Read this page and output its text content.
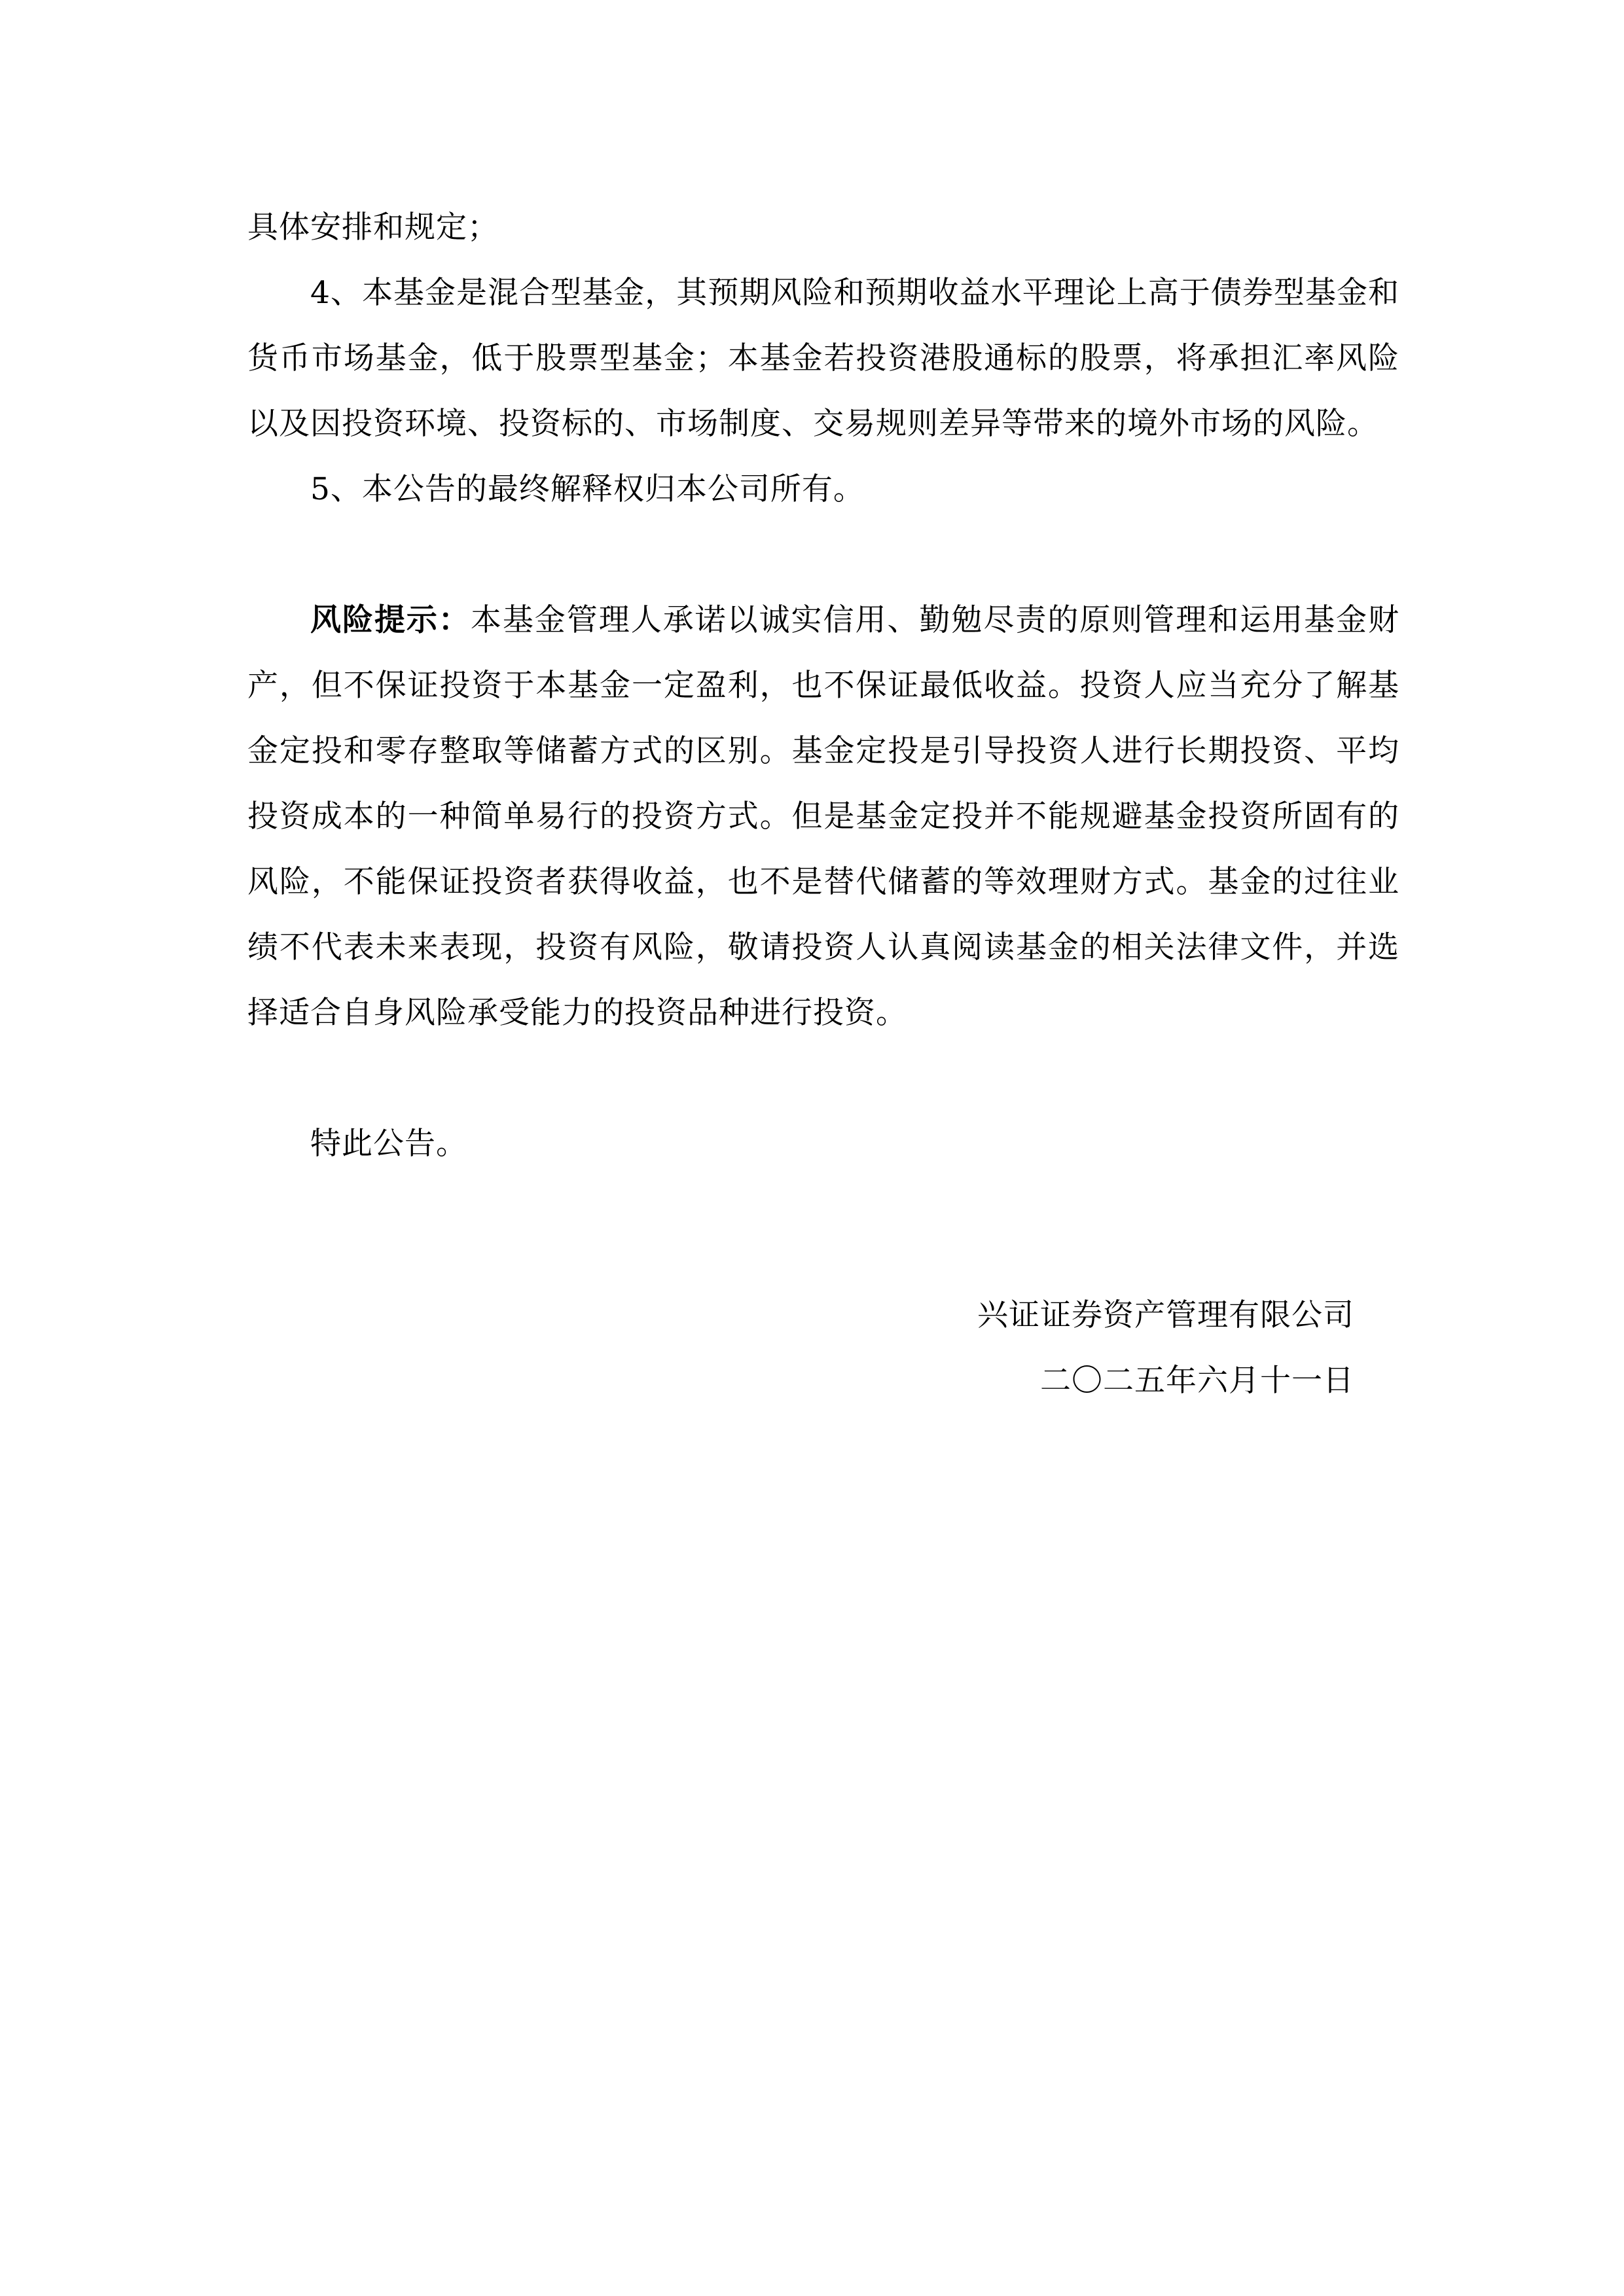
具体安排和规定；

4、本基金是混合型基金，其预期风险和预期收益水平理论上高于债券型基金和货币市场基金，低于股票型基金；本基金若投资港股通标的股票，将承担汇率风险以及因投资环境、投资标的、市场制度、交易规则差异等带来的境外市场的风险。

5、本公告的最终解释权归本公司所有。

风险提示：本基金管理人承诺以诚实信用、勤勉尽责的原则管理和运用基金财产，但不保证投资于本基金一定盈利，也不保证最低收益。投资人应当充分了解基金定投和零存整取等储蓄方式的区别。基金定投是引导投资人进行长期投资、平均投资成本的一种简单易行的投资方式。但是基金定投并不能规避基金投资所固有的风险，不能保证投资者获得收益，也不是替代储蓄的等效理财方式。基金的过往业绩不代表未来表现，投资有风险，敬请投资人认真阅读基金的相关法律文件，并选择适合自身风险承受能力的投资品种进行投资。

特此公告。

兴证证券资产管理有限公司
二〇二五年六月十一日
